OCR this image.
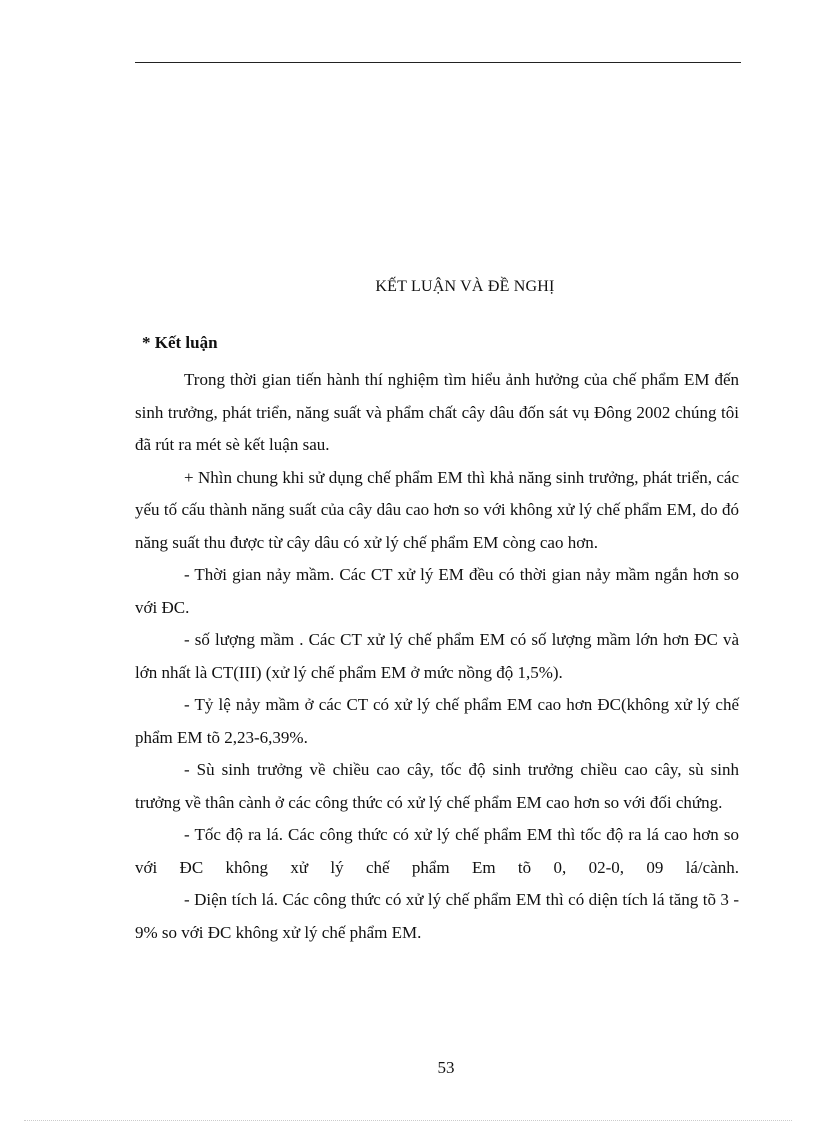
KẾT LUẬN VÀ ĐỀ NGHỊ
* Kết luận

Trong thời gian tiến hành thí nghiệm tìm hiểu ảnh hưởng của chế phẩm EM đến sinh trưởng, phát triển, năng suất và phẩm chất cây dâu đốn sát vụ Đông 2002 chúng tôi đã rút ra mét sè kết luận sau.

+ Nhìn chung khi sử dụng chế phẩm EM thì khả năng sinh trưởng, phát triển, các yếu tố cấu thành năng suất của cây dâu cao hơn so với không xử lý chế phẩm EM, do đó năng suất thu được từ cây dâu có xử lý chế phẩm EM còng cao hơn.

- Thời gian nảy mầm. Các CT xử lý EM đều có thời gian nảy mầm ngắn hơn so với ĐC.

- số lượng mầm . Các CT xử lý chế phẩm EM có số lượng mầm lớn hơn ĐC và lớn nhất là CT(III) (xử lý chế phẩm EM ở mức nồng độ 1,5%).

- Tỷ lệ nảy mầm ở các CT có xử lý chế phẩm EM cao hơn ĐC(không xử lý chế phẩm EM tõ 2,23-6,39%.

- Sù sinh trưởng về chiều cao cây, tốc độ sinh trưởng chiều cao cây, sù sinh trưởng về thân cành ở các công thức có xử lý chế phẩm EM cao hơn so với đối chứng.

- Tốc độ ra lá. Các công thức có xử lý chế phẩm EM thì tốc độ ra lá cao hơn so với ĐC không xử lý chế phẩm Em tõ 0, 02-0, 09 lá/cành.

- Diện tích lá. Các công thức có xử lý chế phẩm EM thì có diện tích lá tăng tõ 3 - 9% so với ĐC không xử lý chế phẩm EM.

53
